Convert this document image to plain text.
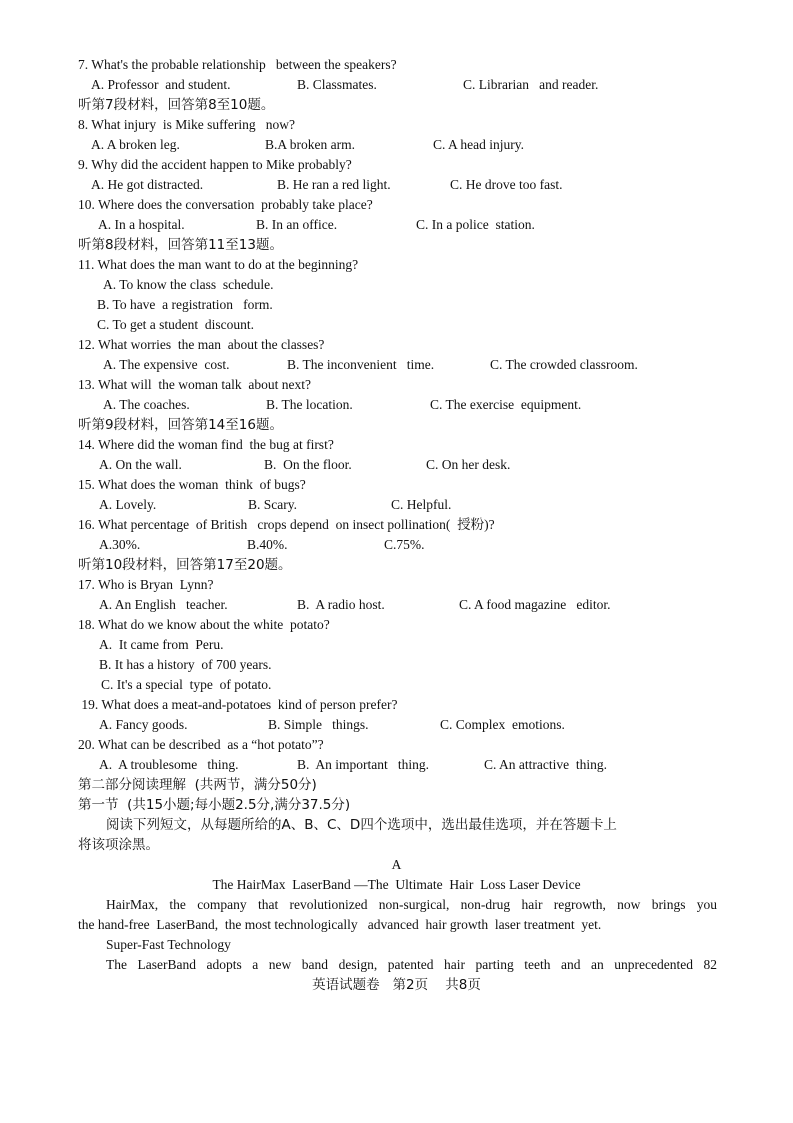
7. What's the probable relationship   between the speakers?
A. Professor  and student.	B. Classmates.	C. Librarian   and reader.
听第7段材料，回答第8至10题。
8. What injury  is Mike suffering   now?
A. A broken leg.	B.A broken arm.	C. A head injury.
9. Why did the accident happen to Mike probably?
A. He got distracted.	B. He ran a red light.	C. He drove too fast.
10. Where does the conversation  probably take place?
A. In a hospital.	B. In an office.	C. In a police  station.
听第8段材料，回答第11至13题。
11. What does the man want to do at the beginning?
A. To know the class  schedule.
B. To have  a registration   form.
C. To get a student  discount.
12. What worries  the man  about the classes?
A. The expensive  cost.	B. The inconvenient   time.	C. The crowded classroom.
13. What will  the woman talk  about next?
A. The coaches.	B. The location.	C. The exercise  equipment.
听第9段材料，回答第14至16题。
14. Where did the woman find  the bug at first?
A. On the wall.	B.  On the floor.	C. On her desk.
15. What does the woman  think  of bugs?
A. Lovely.	B. Scary.	C. Helpful.
16. What percentage  of British   crops depend  on insect pollination(  授粉)?
A.30%.	B.40%.	C.75%.
听第10段材料，回答第17至20题。
17. Who is Bryan  Lynn?
A. An English   teacher.	B.  A radio host.	C. A food magazine   editor.
18. What do we know about the white  potato?
A.  It came from  Peru.
B. It has a history  of 700 years.
C. It's a special  type  of potato.
19. What does a meat-and-potatoes  kind of person prefer?
A. Fancy goods.	B. Simple   things.	C. Complex  emotions.
20. What can be described  as a “hot potato”?
A.  A troublesome   thing.	B.  An important   thing.	C. An attractive  thing.
第二部分阅读理解  (共两节，满分50分)
第一节  (共15小题;每小题2.5分,满分37.5分)
阅读下列短文，从每题所给的A、B、C、D四个选项中，选出最佳选项，并在答题卡上
将该项涂黑。
A
The HairMax  LaserBand —The  Ultimate  Hair  Loss Laser Device
HairMax, the company that revolutionized non-surgical, non-drug hair regrowth, now brings you
the hand-free  LaserBand,  the most technologically   advanced  hair growth  laser treatment  yet.
Super-Fast Technology
The LaserBand adopts a new band design, patented hair parting teeth and an unprecedented 82
英语试题卷   第2页    共8页
